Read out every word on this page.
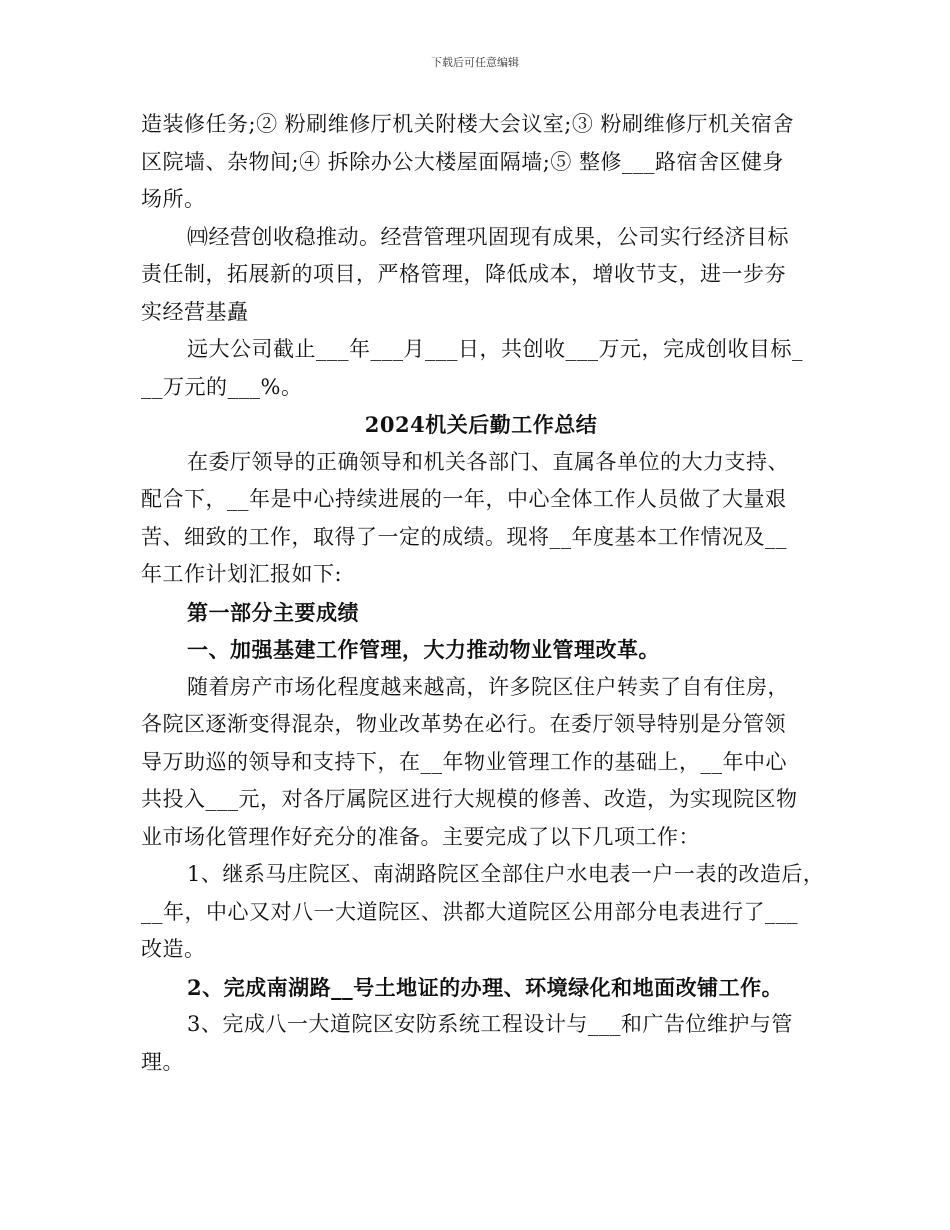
下载后可任意编辑
造装修任务;② 粉刷维修厅机关附楼大会议室;③ 粉刷维修厅机关宿舍
区院墙、杂物间;④ 拆除办公大楼屋面隔墙;⑤ 整修___路宿舍区健身
场所。
㈣经营创收稳推动。经营管理巩固现有成果，公司实行经济目标
责任制，拓展新的项目，严格管理，降低成本，增收节支，进一步夯
实经营基矗
远大公司截止___年___月___日，共创收___万元，完成创收目标_
__万元的___%。
2024机关后勤工作总结
在委厅领导的正确领导和机关各部门、直属各单位的大力支持、
配合下，__年是中心持续进展的一年，中心全体工作人员做了大量艰
苦、细致的工作，取得了一定的成绩。现将__年度基本工作情况及__
年工作计划汇报如下:
第一部分主要成绩
一、加强基建工作管理，大力推动物业管理改革。
随着房产市场化程度越来越高，许多院区住户转卖了自有住房，
各院区逐渐变得混杂，物业改革势在必行。在委厅领导特别是分管领
导万助巡的领导和支持下，在__年物业管理工作的基础上，__年中心
共投入___元，对各厅属院区进行大规模的修善、改造，为实现院区物
业市场化管理作好充分的准备。主要完成了以下几项工作：
1、继系马庄院区、南湖路院区全部住户水电表一户一表的改造后，
__年，中心又对八一大道院区、洪都大道院区公用部分电表进行了___
改造。
2、完成南湖路__号土地证的办理、环境绿化和地面改铺工作。
3、完成八一大道院区安防系统工程设计与___和广告位维护与管
理。
